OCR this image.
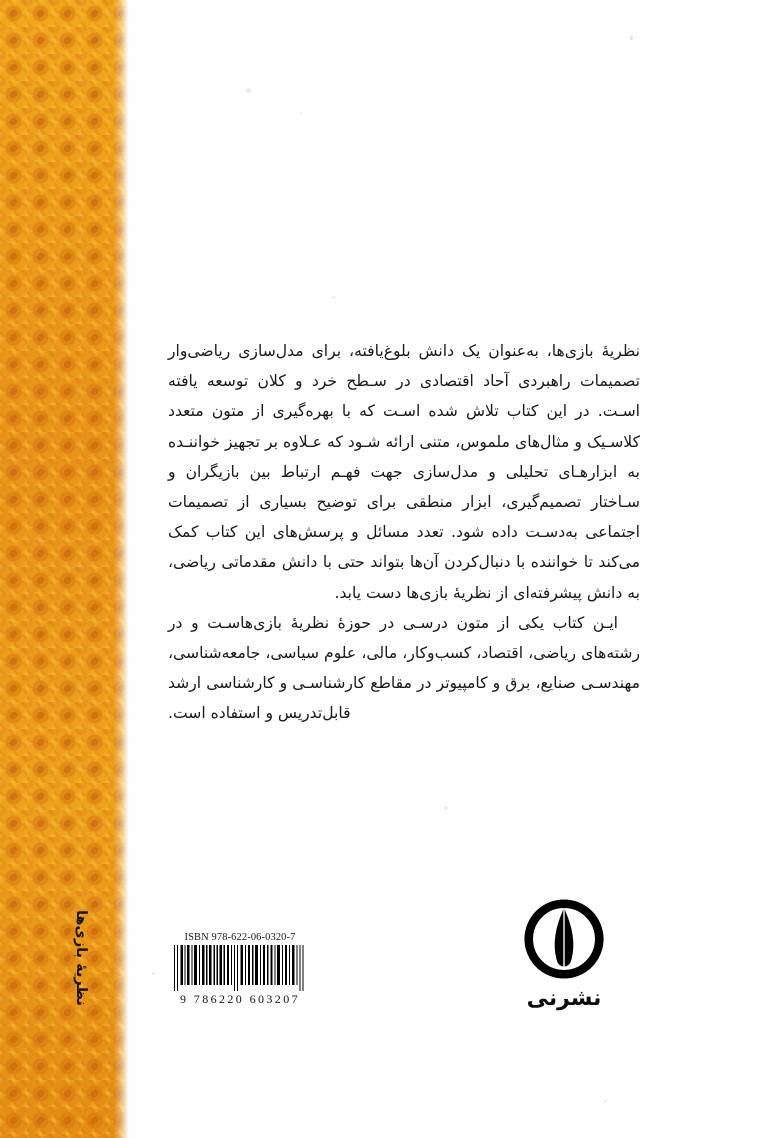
نظریهٔ بازی‌ها

نظریهٔ بازی‌ها، به‌عنوان یک دانش بلوغ‌یافته، برای مدل‌سازی ریاضی‌وار تصمیمات راهبردی آحاد اقتصادی در سـطح خرد و کلان توسعه یافته اسـت. در این کتاب تلاش شده اسـت که با بهره‌گیری از متون متعدد کلاسـیک و مثال‌های ملموس، متنی ارائه شـود که عـلاوه بر تجهیز خواننـده به ابزارهـای تحلیلی و مدل‌سازی جهت فهـم ارتباط بین بازیگران و سـاختار تصمیم‌گیری، ابزار منطقی برای توضیح بسیاری از تصمیمات اجتماعی به‌دسـت داده شود. تعدد مسائل و پرسش‌های این کتاب کمک می‌کند تا خواننده با دنبال‌کردن آن‌ها بتواند حتی با دانش مقدماتی ریاضی، به دانش پیشرفته‌ای از نظریهٔ بازی‌ها دست یابد.

ایـن کتاب یکی از متون درسـی در حوزهٔ نظریهٔ بازی‌هاسـت و در رشته‌های ریاضی، اقتصاد، کسب‌وکار، مالی، علوم سیاسی، جامعه‌شناسی، مهندسـی صنایع، برق و کامپیوتر در مقاطع کارشناسـی و کارشناسی ارشد قابل‌تدریس و استفاده است.

ISBN 978-622-06-0320-7
9 786220 603207	نشرنی
